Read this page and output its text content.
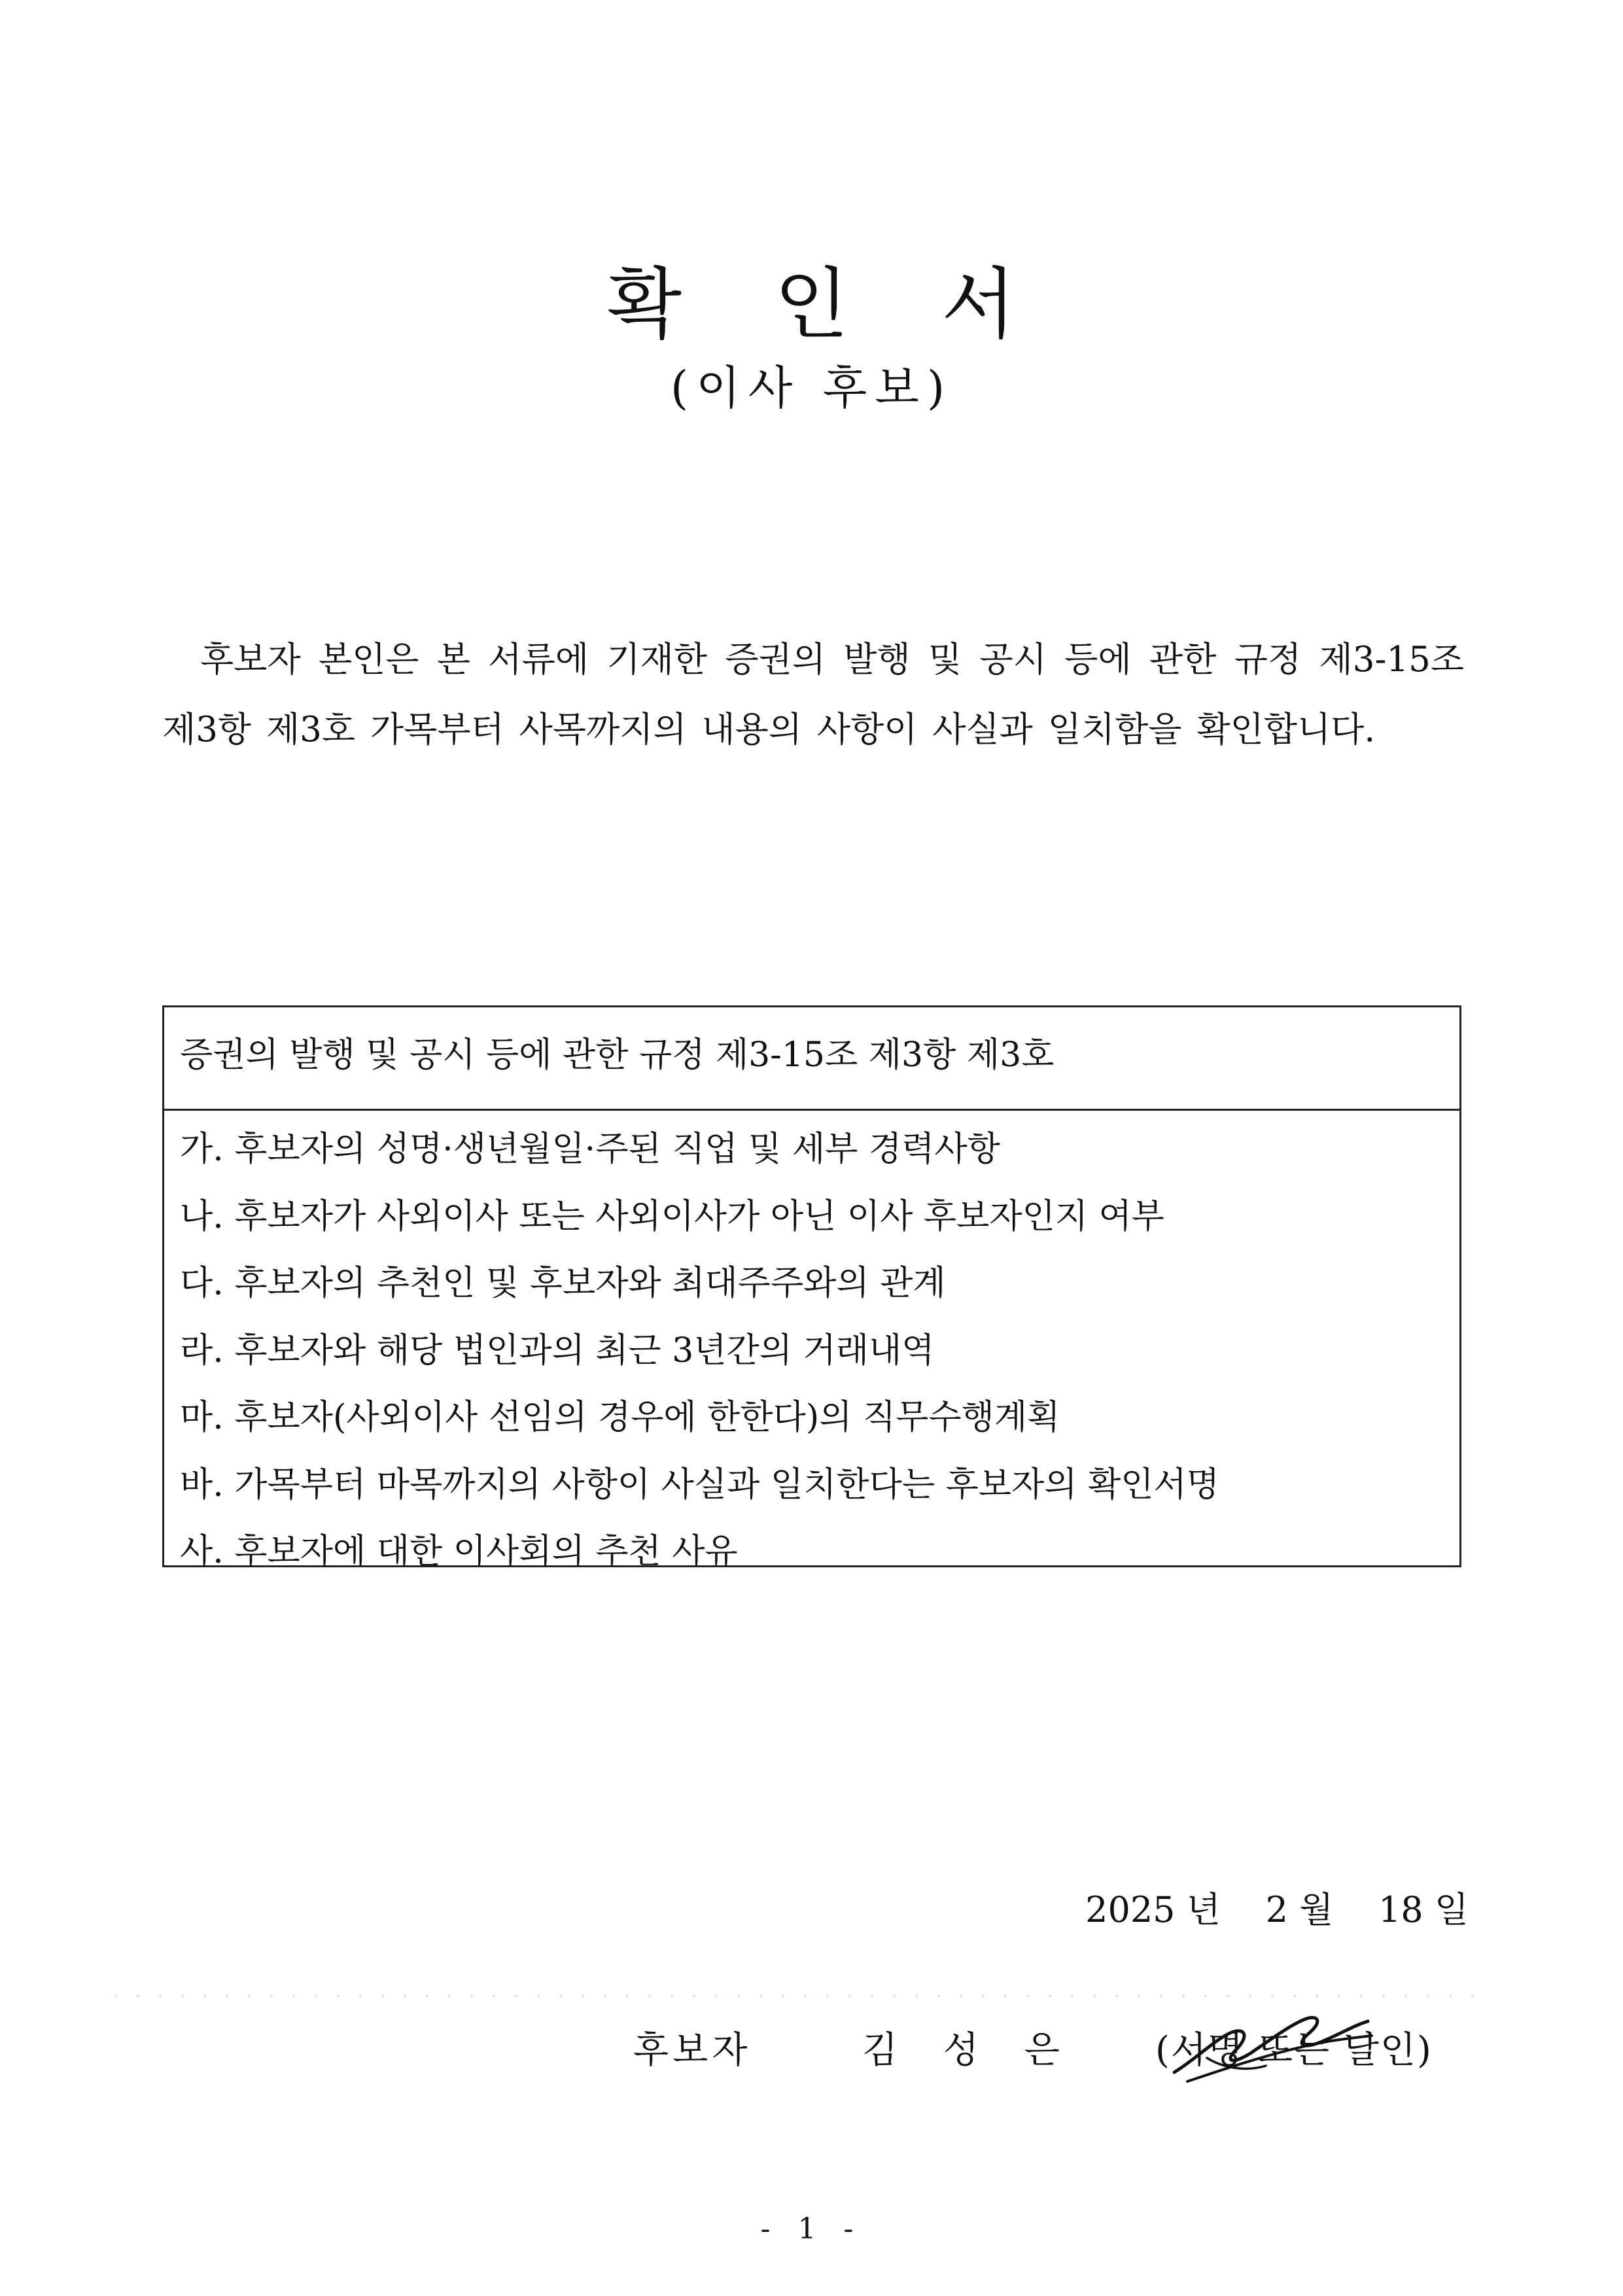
확 인 서
(이사 후보)
후보자 본인은 본 서류에 기재한 증권의 발행 및 공시 등에 관한 규정 제3-15조 제3항 제3호 가목부터 사목까지의 내용의 사항이 사실과 일치함을 확인합니다.
증권의 발행 및 공시 등에 관한 규정 제3-15조 제3항 제3호
가. 후보자의 성명·생년월일·주된 직업 및 세부 경력사항
나. 후보자가 사외이사 또는 사외이사가 아닌 이사 후보자인지 여부
다. 후보자의 추천인 및 후보자와 최대주주와의 관계
라. 후보자와 해당 법인과의 최근 3년간의 거래내역
마. 후보자(사외이사 선임의 경우에 한한다)의 직무수행계획
바. 가목부터 마목까지의 사항이 사실과 일치한다는 후보자의 확인서명
사. 후보자에 대한 이사회의 추천 사유
2025 년 2 월 18 일
후보자	김 성 은 (서명 또는 날인)
- 1 -
